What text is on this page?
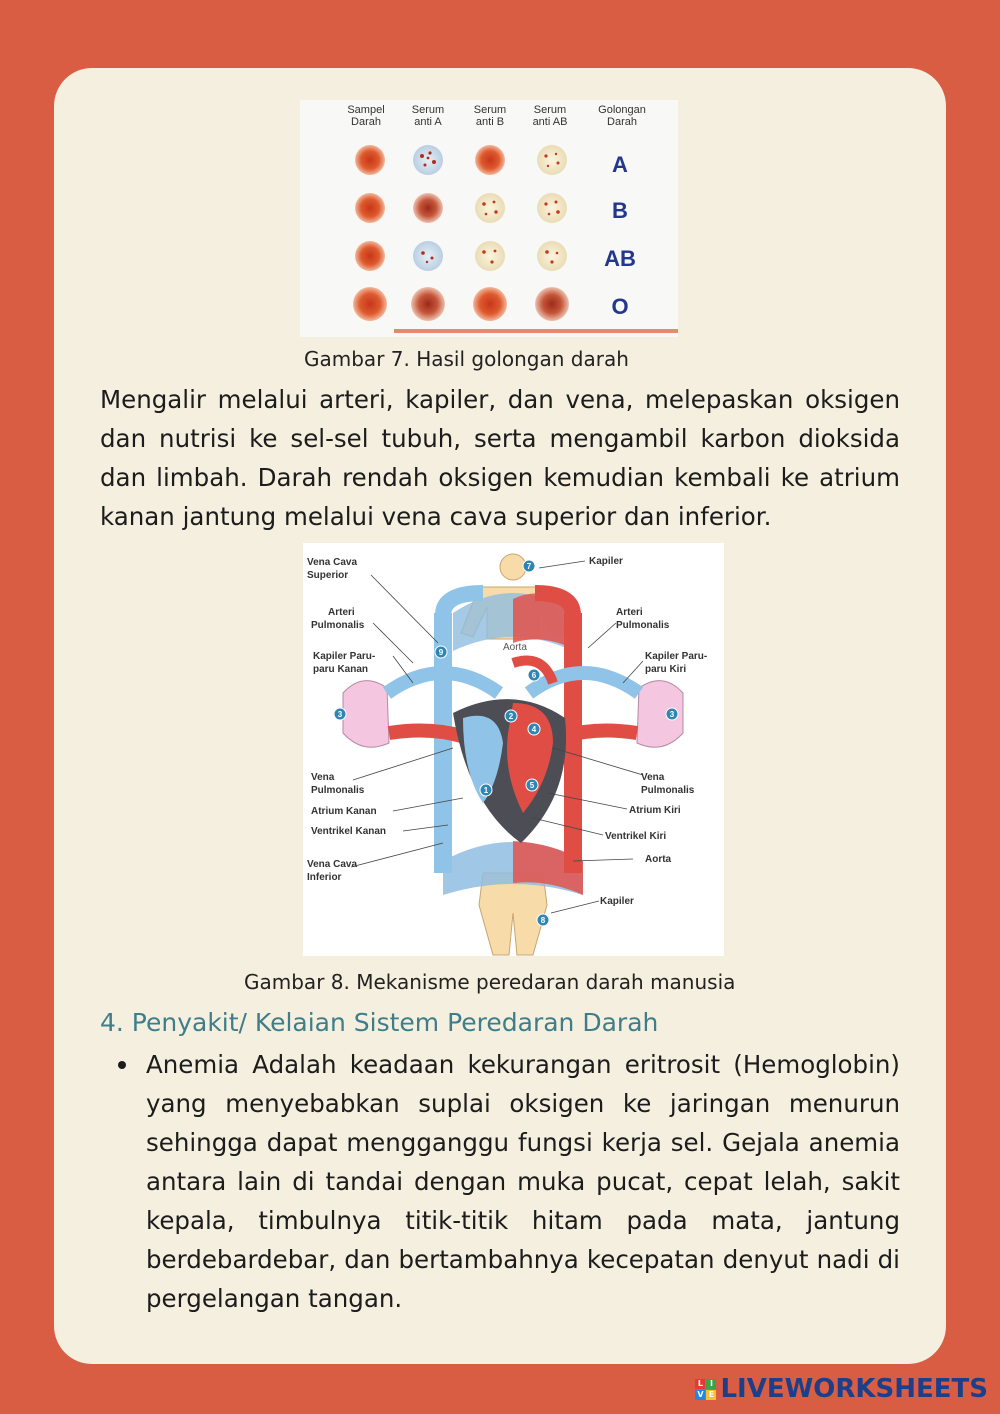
Sampel
Darah
Serum
anti A
Serum
anti B
Serum
anti AB
Golongan
Darah
A
B
AB
O
Gambar 7. Hasil golongan darah

Mengalir melalui arteri, kapiler, dan vena, melepaskan oksigen dan nutrisi ke sel-sel tubuh, serta mengambil karbon dioksida dan limbah. Darah rendah oksigen kemudian kembali ke atrium kanan jantung melalui vena cava superior dan inferior.

1
2
3
4
5
6
7
8
9
3
Vena Cava
Superior
Arteri
Pulmonalis
Kapiler Paru-
paru Kanan
Vena
Pulmonalis
Atrium Kanan
Ventrikel Kanan
Vena Cava
Inferior
Kapiler
Arteri
Pulmonalis
Kapiler Paru-
paru Kiri
Vena
Pulmonalis
Atrium Kiri
Ventrikel Kiri
Aorta
Kapiler
Aorta
Gambar 8. Mekanisme peredaran darah manusia
4. Penyakit/ Kelaian Sistem Peredaran Darah
Anemia Adalah keadaan kekurangan eritrosit (Hemoglobin) yang menyebabkan suplai oksigen ke jaringan menurun sehingga dapat mengganggu fungsi kerja sel. Gejala anemia antara lain di tandai dengan muka pucat, cepat lelah, sakit kepala, timbulnya titik-titik hitam pada mata, jantung berdebardebar, dan bertambahnya kecepatan denyut nadi di pergelangan tangan.
L I
V E LIVEWORKSHEETS
